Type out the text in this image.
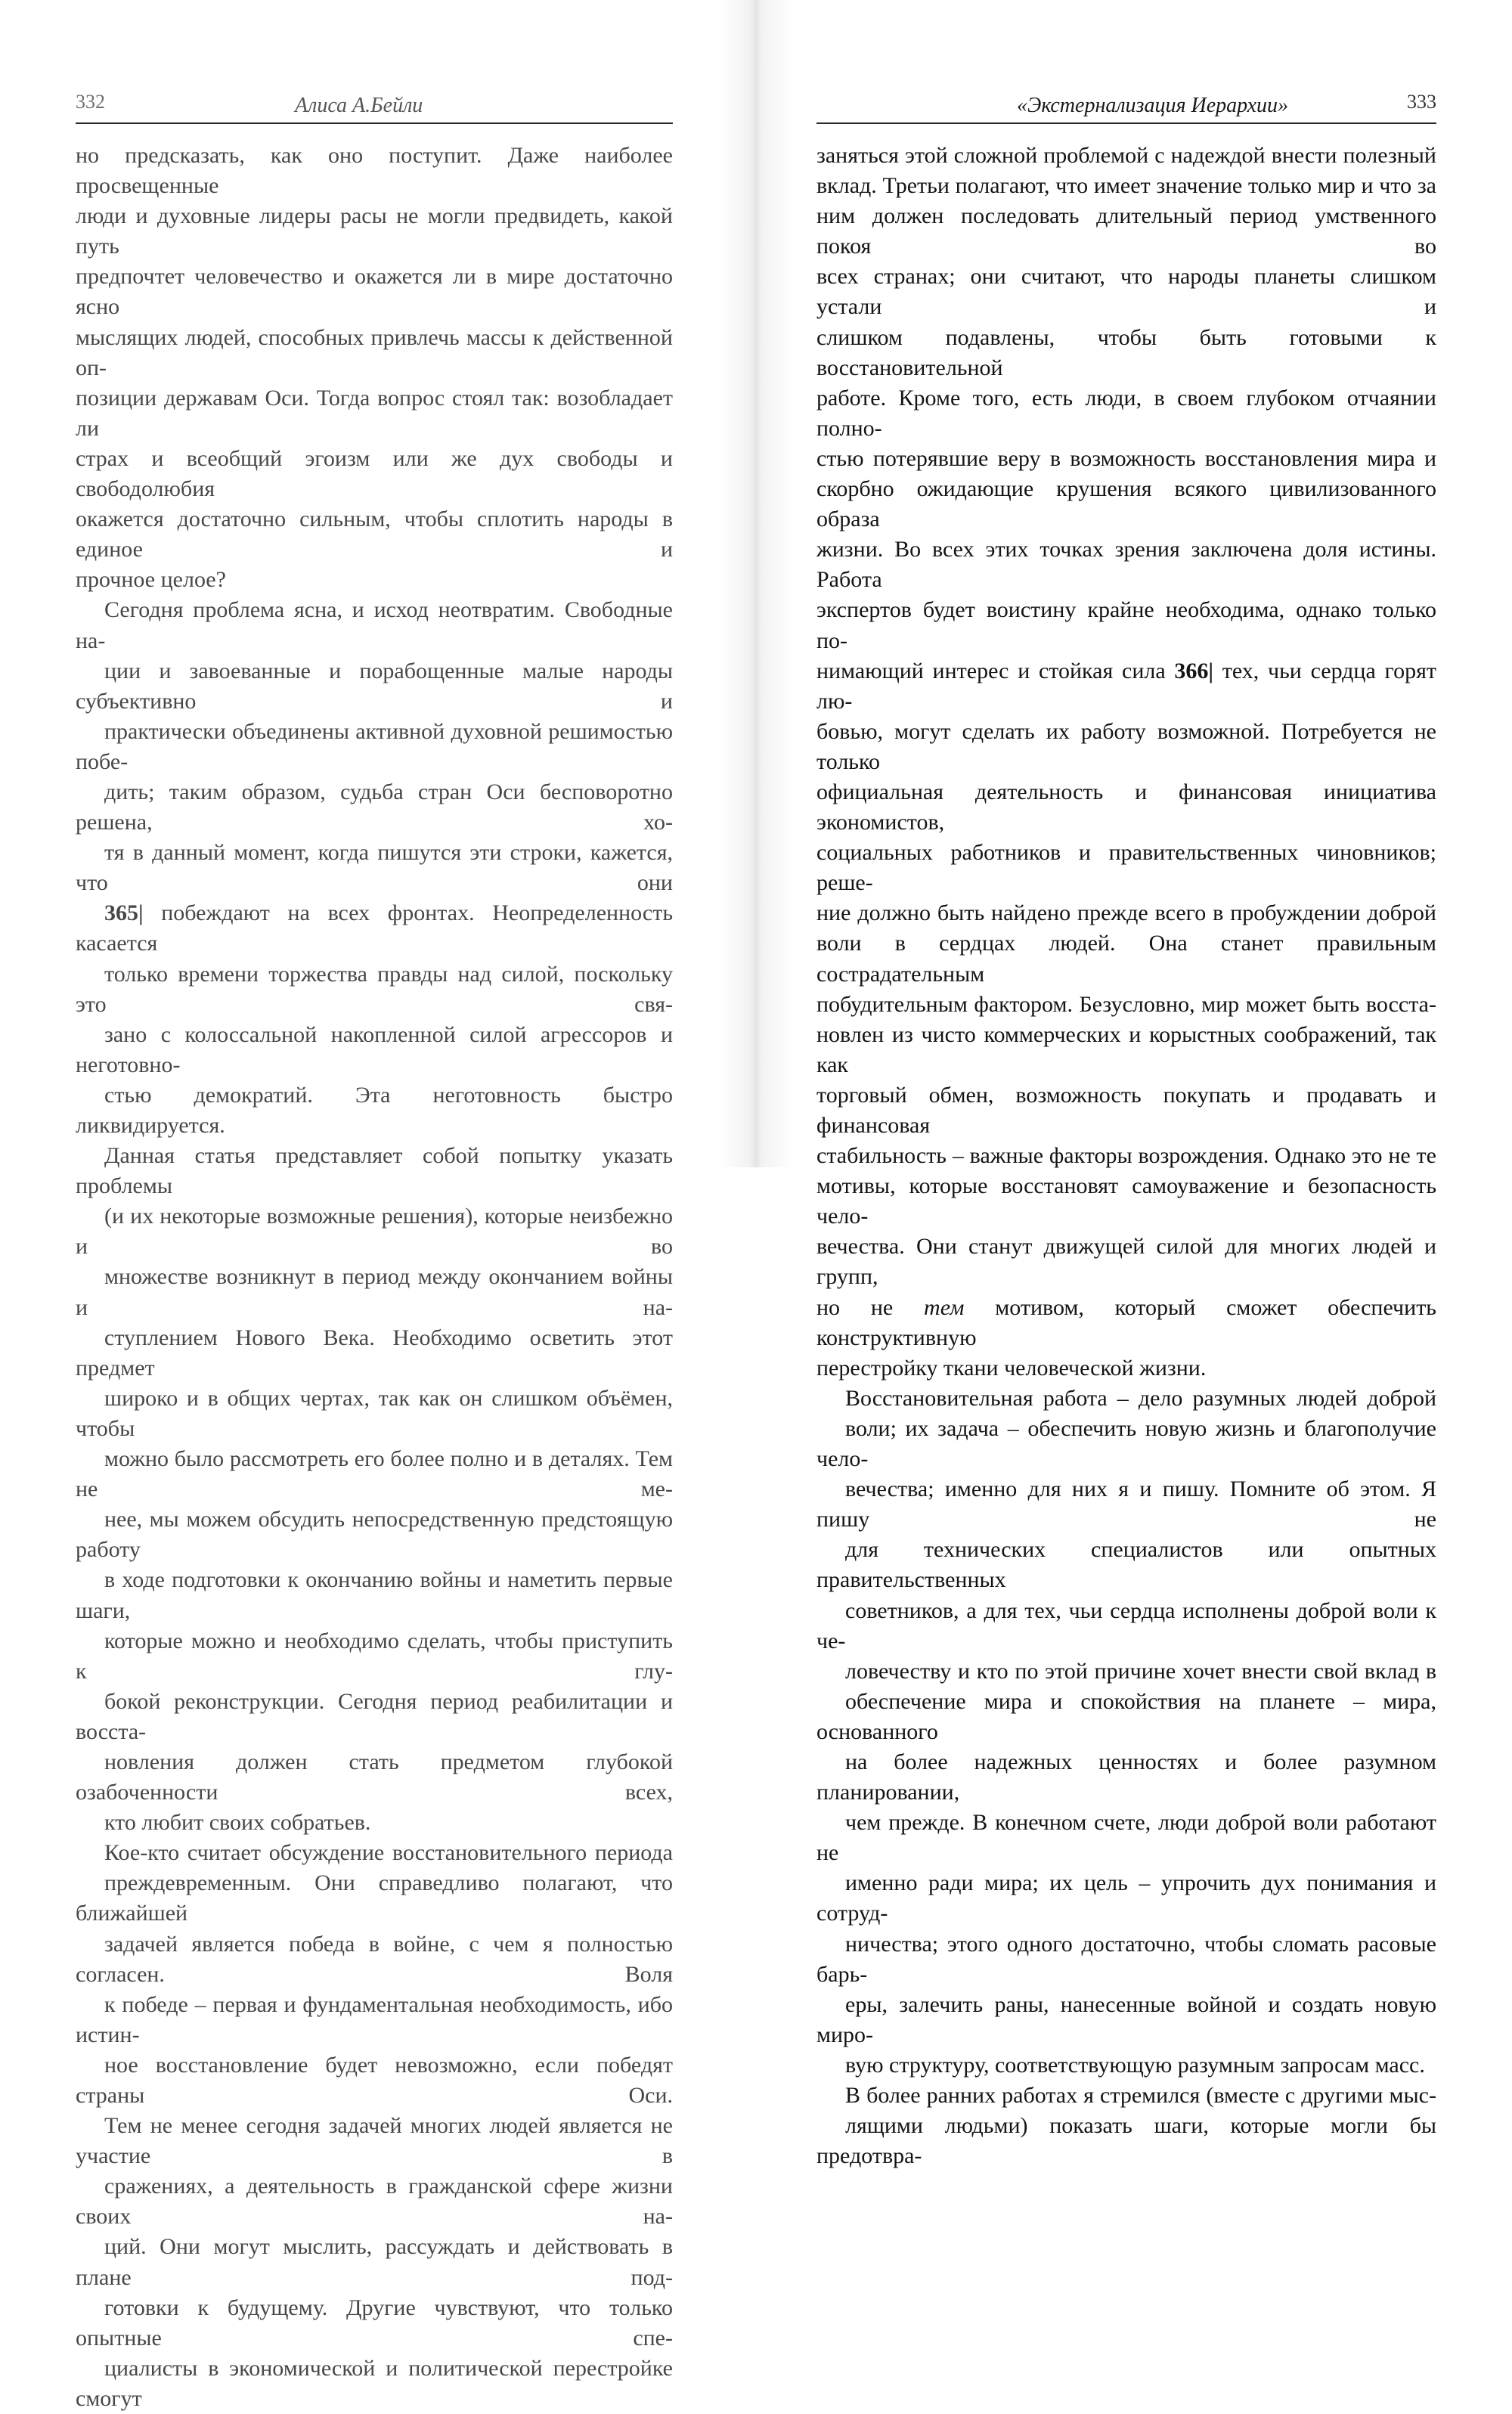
332	Алиса А.Бейли

но предсказать, как оно поступит. Даже наиболее просвещенные
люди и духовные лидеры расы не могли предвидеть, какой путь
предпочтет человечество и окажется ли в мире достаточно ясно
мыслящих людей, способных привлечь массы к действенной оп-
позиции державам Оси. Тогда вопрос стоял так: возобладает ли
страх и всеобщий эгоизм или же дух свободы и свободолюбия
окажется достаточно сильным, чтобы сплотить народы в единое и
прочное целое?

Сегодня проблема ясна, и исход неотвратим. Свободные на-
ции и завоеванные и порабощенные малые народы субъективно и
практически объединены активной духовной решимостью побе-
дить; таким образом, судьба стран Оси бесповоротно решена, хо-
тя в данный момент, когда пишутся эти строки, кажется, что они
365| побеждают на всех фронтах. Неопределенность касается
только времени торжества правды над силой, поскольку это свя-
зано с колоссальной накопленной силой агрессоров и неготовно-
стью демократий. Эта неготовность быстро ликвидируется.

Данная статья представляет собой попытку указать проблемы
(и их некоторые возможные решения), которые неизбежно и во
множестве возникнут в период между окончанием войны и на-
ступлением Нового Века. Необходимо осветить этот предмет
широко и в общих чертах, так как он слишком объёмен, чтобы
можно было рассмотреть его более полно и в деталях. Тем не ме-
нее, мы можем обсудить непосредственную предстоящую работу
в ходе подготовки к окончанию войны и наметить первые шаги,
которые можно и необходимо сделать, чтобы приступить к глу-
бокой реконструкции. Сегодня период реабилитации и восста-
новления должен стать предметом глубокой озабоченности всех,
кто любит своих собратьев.

Кое-кто считает обсуждение восстановительного периода
преждевременным. Они справедливо полагают, что ближайшей
задачей является победа в войне, с чем я полностью согласен. Воля
к победе – первая и фундаментальная необходимость, ибо истин-
ное восстановление будет невозможно, если победят страны Оси.
Тем не менее сегодня задачей многих людей является не участие в
сражениях, а деятельность в гражданской сфере жизни своих на-
ций. Они могут мыслить, рассуждать и действовать в плане под-
готовки к будущему. Другие чувствуют, что только опытные спе-
циалисты в экономической и политической перестройке смогут

«Экстернализация Иерархии»	333

заняться этой сложной проблемой с надеждой внести полезный
вклад. Третьи полагают, что имеет значение только мир и что за
ним должен последовать длительный период умственного покоя во
всех странах; они считают, что народы планеты слишком устали и
слишком подавлены, чтобы быть готовыми к восстановительной
работе. Кроме того, есть люди, в своем глубоком отчаянии полно-
стью потерявшие веру в возможность восстановления мира и
скорбно ожидающие крушения всякого цивилизованного образа
жизни. Во всех этих точках зрения заключена доля истины. Работа
экспертов будет воистину крайне необходима, однако только по-
нимающий интерес и стойкая сила 366| тех, чьи сердца горят лю-
бовью, могут сделать их работу возможной. Потребуется не только
официальная деятельность и финансовая инициатива экономистов,
социальных работников и правительственных чиновников; реше-
ние должно быть найдено прежде всего в пробуждении доброй
воли в сердцах людей. Она станет правильным сострадательным
побудительным фактором. Безусловно, мир может быть восста-
новлен из чисто коммерческих и корыстных соображений, так как
торговый обмен, возможность покупать и продавать и финансовая
стабильность – важные факторы возрождения. Однако это не те
мотивы, которые восстановят самоуважение и безопасность чело-
вечества. Они станут движущей силой для многих людей и групп,
но не тем мотивом, который сможет обеспечить конструктивную
перестройку ткани человеческой жизни.

Восстановительная работа – дело разумных людей доброй
воли; их задача – обеспечить новую жизнь и благополучие чело-
вечества; именно для них я и пишу. Помните об этом. Я пишу не
для технических специалистов или опытных правительственных
советников, а для тех, чьи сердца исполнены доброй воли к че-
ловечеству и кто по этой причине хочет внести свой вклад в
обеспечение мира и спокойствия на планете – мира, основанного
на более надежных ценностях и более разумном планировании,
чем прежде. В конечном счете, люди доброй воли работают не
именно ради мира; их цель – упрочить дух понимания и сотруд-
ничества; этого одного достаточно, чтобы сломать расовые барь-
еры, залечить раны, нанесенные войной и создать новую миро-
вую структуру, соответствующую разумным запросам масс.

В более ранних работах я стремился (вместе с другими мыс-
лящими людьми) показать шаги, которые могли бы предотвра-
